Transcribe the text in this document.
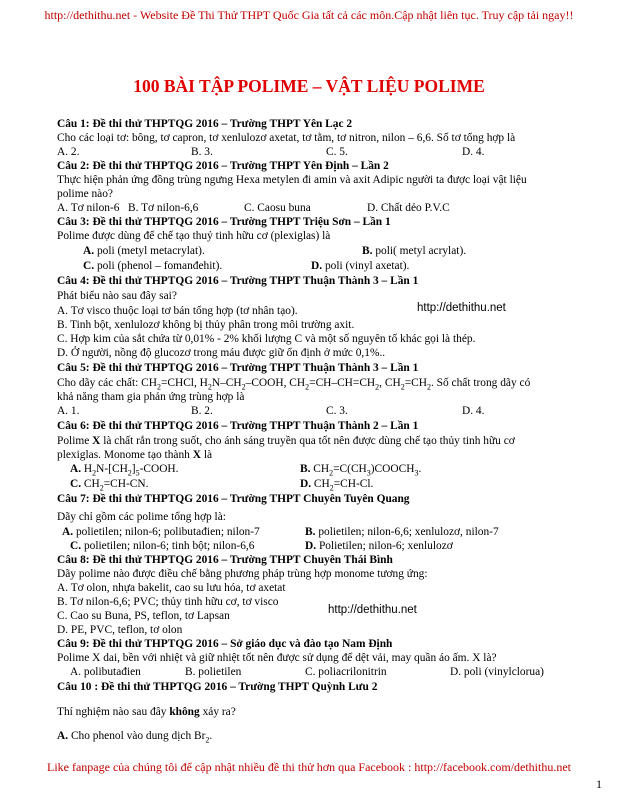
http://dethithu.net - Website Đề Thi Thử THPT Quốc Gia tất cả các môn.Cập nhật liên tục. Truy cập tải ngay!!
100 BÀI TẬP POLIME – VẬT LIỆU POLIME
Câu 1: Đề thi thử THPTQG 2016 – Trường THPT Yên Lạc 2
Cho các loại tơ: bông, tơ capron, tơ xenlulozơ axetat, tơ tằm, tơ nitron, nilon – 6,6. Số tơ tổng hợp là
A. 2.	B. 3.	C. 5.	D. 4.
Câu 2: Đề thi thử THPTQG 2016 – Trường THPT Yên Định – Lần 2
Thực hiện phản ứng đồng trùng ngưng Hexa metylen đi amin và axit Adipic người ta được loại vật liệu
polime nào?
A. Tơ nilon-6 B. Tơ nilon-6,6	C. Caosu buna	D. Chất dẻo P.V.C
Câu 3: Đề thi thử THPTQG 2016 – Trường THPT Triệu Sơn – Lần 1
Polime được dùng để chế tạo thuỷ tinh hữu cơ (plexiglas) là
A. poli (metyl metacrylat).	B. poli( metyl acrylat).
C. poli (phenol – fomanđehit).	D. poli (vinyl axetat).
Câu 4: Đề thi thử THPTQG 2016 – Trường THPT Thuận Thành 3 – Lần 1
Phát biểu nào sau đây sai?
A. Tơ visco thuộc loại tơ bán tổng hợp (tơ nhân tạo).	http://dethithu.net
B. Tinh bột, xenlulozơ không bị thủy phân trong môi trường axit.
C. Hợp kim của sắt chứa từ 0,01% - 2% khối lượng C và một số nguyên tố khác gọi là thép.
D. Ở người, nồng độ glucozơ trong máu được giữ ổn định ở mức 0,1%..
Câu 5: Đề thi thử THPTQG 2016 – Trường THPT Thuận Thành 3 – Lần 1
Cho dãy các chất: $CH_2=CHCl$, $H_2N-CH_2$–COOH, $CH_2=CH-CH=CH_2$, $CH_2=CH_2$. Số chất trong dãy có
khả năng tham gia phản ứng trùng hợp là
A. 1.	B. 2.	C. 3.	D. 4.
Câu 6: Đề thi thử THPTQG 2016 – Trường THPT Thuận Thành 2 – Lần 1
Polime X là chất rắn trong suốt, cho ánh sáng truyền qua tốt nên được dùng chế tạo thủy tinh hữu cơ
plexiglas. Monome tạo thành X là
A. $H_2N-[CH_2]_5$-COOH.	B. $CH_2=C(CH_3)COOCH_3$.
C. $CH_2=CH-CN$.	D. $CH_2=CH-Cl$.
Câu 7: Đề thi thử THPTQG 2016 – Trường THPT Chuyên Tuyên Quang
Dãy chỉ gồm các polime tổng hợp là:
A. polietilen; nilon-6; polibutađien; nilon-7	B. polietilen; nilon-6,6; xenlulozơ, nilon-7
C. polietilen; nilon-6; tinh bột; nilon-6,6	D. Polietilen; nilon-6; xenlulozơ
Câu 8: Đề thi thử THPTQG 2016 – Trường THPT Chuyên Thái Bình
Dãy polime nào được điều chế bằng phương pháp trùng hợp monome tương ứng:
A. Tơ olon, nhựa bakelit, cao su lưu hóa, tơ axetat
B. Tơ nilon-6,6; PVC; thủy tinh hữu cơ, tơ visco
C. Cao su Buna, PS, teflon, tơ Lapsan	http://dethithu.net
D. PE, PVC, teflon, tơ olon
Câu 9: Đề thi thử THPTQG 2016 – Sở giáo dục và đào tạo Nam Định
Polime X dai, bền với nhiệt và giữ nhiệt tốt nên được sử dụng để dệt vải, may quần áo ấm. X là?
A. polibutađien	B. polietilen	C. poliacrilonitrin	D. poli (vinylclorua)
Câu 10 : Đề thi thử THPTQG 2016 – Trường THPT Quỳnh Lưu 2
Thí nghiệm nào sau đây không xảy ra?
A. Cho phenol vào dung dịch $Br_2$.
Like fanpage của chúng tôi để cập nhật nhiều đề thi thử hơn qua Facebook : http://facebook.com/dethithu.net
1
